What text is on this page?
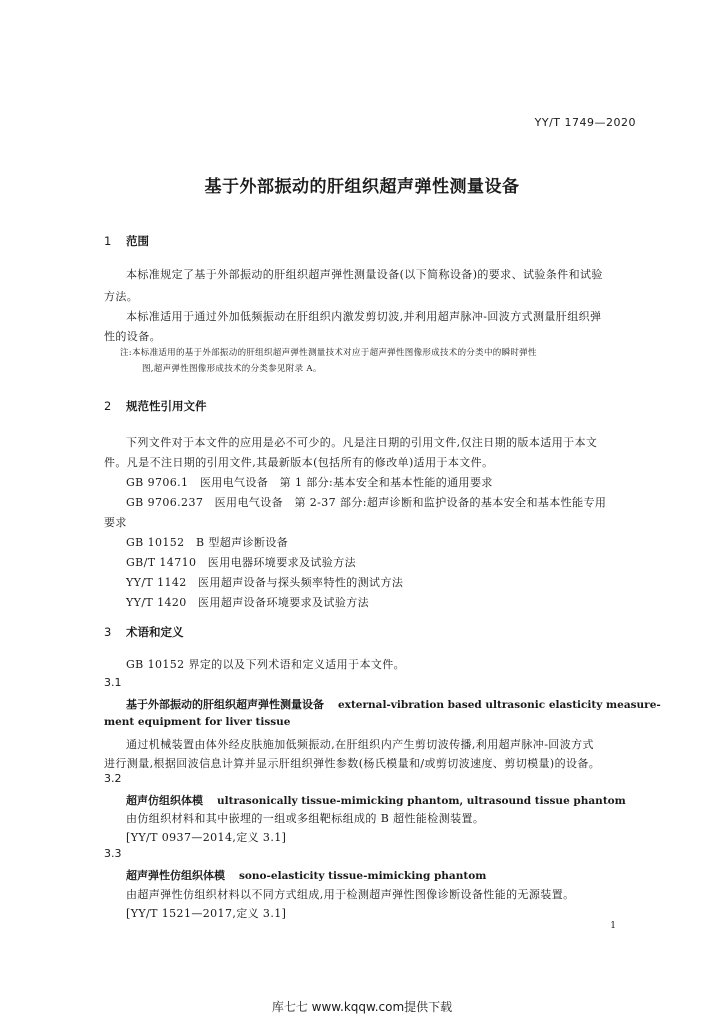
YY/T 1749—2020
基于外部振动的肝组织超声弹性测量设备
1 范围
本标准规定了基于外部振动的肝组织超声弹性测量设备(以下简称设备)的要求、试验条件和试验
方法。
本标准适用于通过外加低频振动在肝组织内激发剪切波,并利用超声脉冲-回波方式测量肝组织弹
性的设备。
注:本标准适用的基于外部振动的肝组织超声弹性测量技术对应于超声弹性图像形成技术的分类中的瞬时弹性
图,超声弹性图像形成技术的分类参见附录 A。
2 规范性引用文件
下列文件对于本文件的应用是必不可少的。凡是注日期的引用文件,仅注日期的版本适用于本文
件。凡是不注日期的引用文件,其最新版本(包括所有的修改单)适用于本文件。
GB 9706.1　医用电气设备　第 1 部分:基本安全和基本性能的通用要求
GB 9706.237　医用电气设备　第 2-37 部分:超声诊断和监护设备的基本安全和基本性能专用
要求
GB 10152　B 型超声诊断设备
GB/T 14710　医用电器环境要求及试验方法
YY/T 1142　医用超声设备与探头频率特性的测试方法
YY/T 1420　医用超声设备环境要求及试验方法
3 术语和定义
GB 10152 界定的以及下列术语和定义适用于本文件。
3.1
基于外部振动的肝组织超声弹性测量设备 external-vibration based ultrasonic elasticity measure-
ment equipment for liver tissue
通过机械装置由体外经皮肤施加低频振动,在肝组织内产生剪切波传播,利用超声脉冲-回波方式
进行测量,根据回波信息计算并显示肝组织弹性参数(杨氏模量和/或剪切波速度、剪切模量)的设备。
3.2
超声仿组织体模 ultrasonically tissue-mimicking phantom, ultrasound tissue phantom
由仿组织材料和其中嵌埋的一组或多组靶标组成的 B 超性能检测装置。
[YY/T 0937—2014,定义 3.1]
3.3
超声弹性仿组织体模 sono-elasticity tissue-mimicking phantom
由超声弹性仿组织材料以不同方式组成,用于检测超声弹性图像诊断设备性能的无源装置。
[YY/T 1521—2017,定义 3.1]
1
库七七 www.kqqw.com提供下载
